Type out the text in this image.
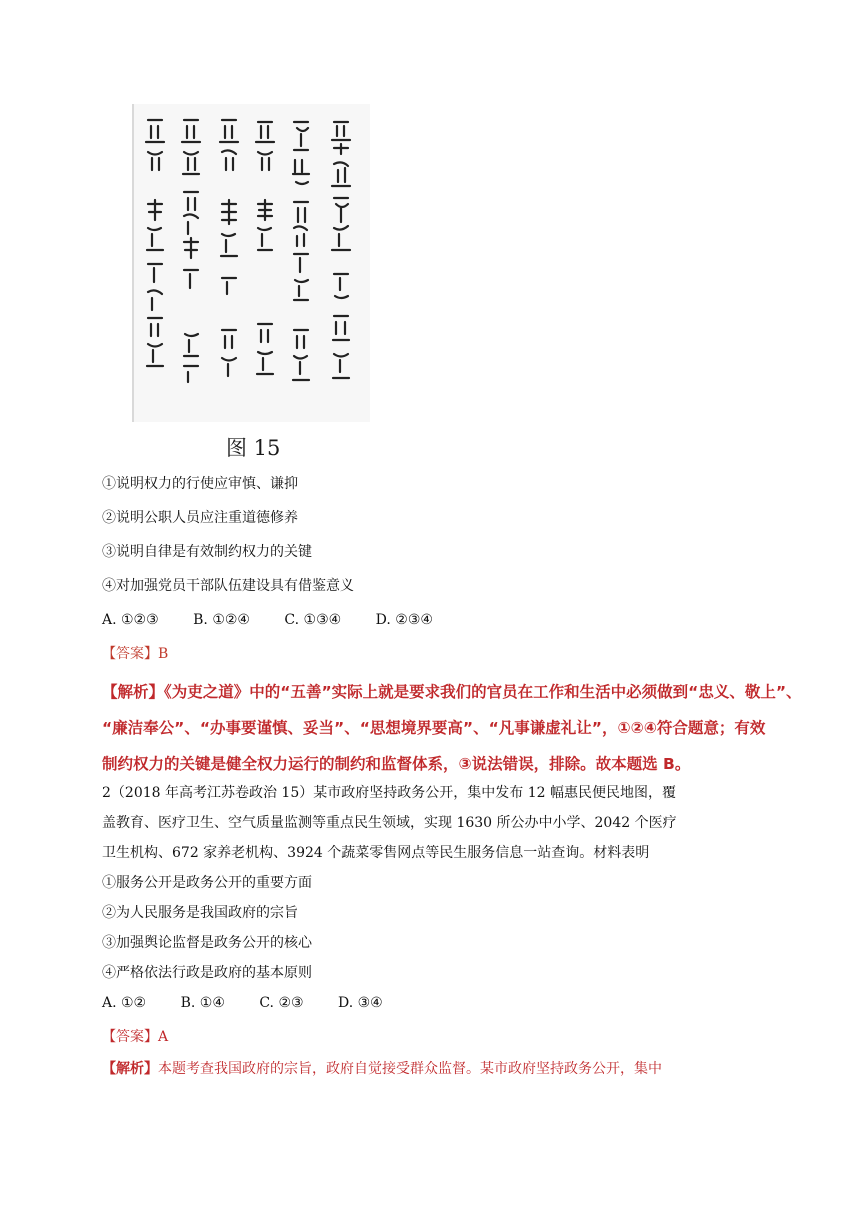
图 15
①说明权力的行使应审慎、谦抑
②说明公职人员应注重道德修养
③说明自律是有效制约权力的关键
④对加强党员干部队伍建设具有借鉴意义
A. ①②③ B. ①②④ C. ①③④ D. ②③④
【答案】B
【解析】《为吏之道》中的“五善”实际上就是要求我们的官员在工作和生活中必须做到“忠义、敬上”、
“廉洁奉公”、“办事要谨慎、妥当”、“思想境界要高”、“凡事谦虚礼让”，①②④符合题意；有效
制约权力的关键是健全权力运行的制约和监督体系，③说法错误，排除。故本题选 B。
2（2018 年高考江苏卷政治 15）某市政府坚持政务公开，集中发布 12 幅惠民便民地图，覆
盖教育、医疗卫生、空气质量监测等重点民生领域，实现 1630 所公办中小学、2042 个医疗
卫生机构、672 家养老机构、3924 个蔬菜零售网点等民生服务信息一站查询。材料表明
①服务公开是政务公开的重要方面
②为人民服务是我国政府的宗旨
③加强舆论监督是政务公开的核心
④严格依法行政是政府的基本原则
A. ①② B. ①④ C. ②③ D. ③④
【答案】A
【解析】本题考查我国政府的宗旨，政府自觉接受群众监督。某市政府坚持政务公开，集中
